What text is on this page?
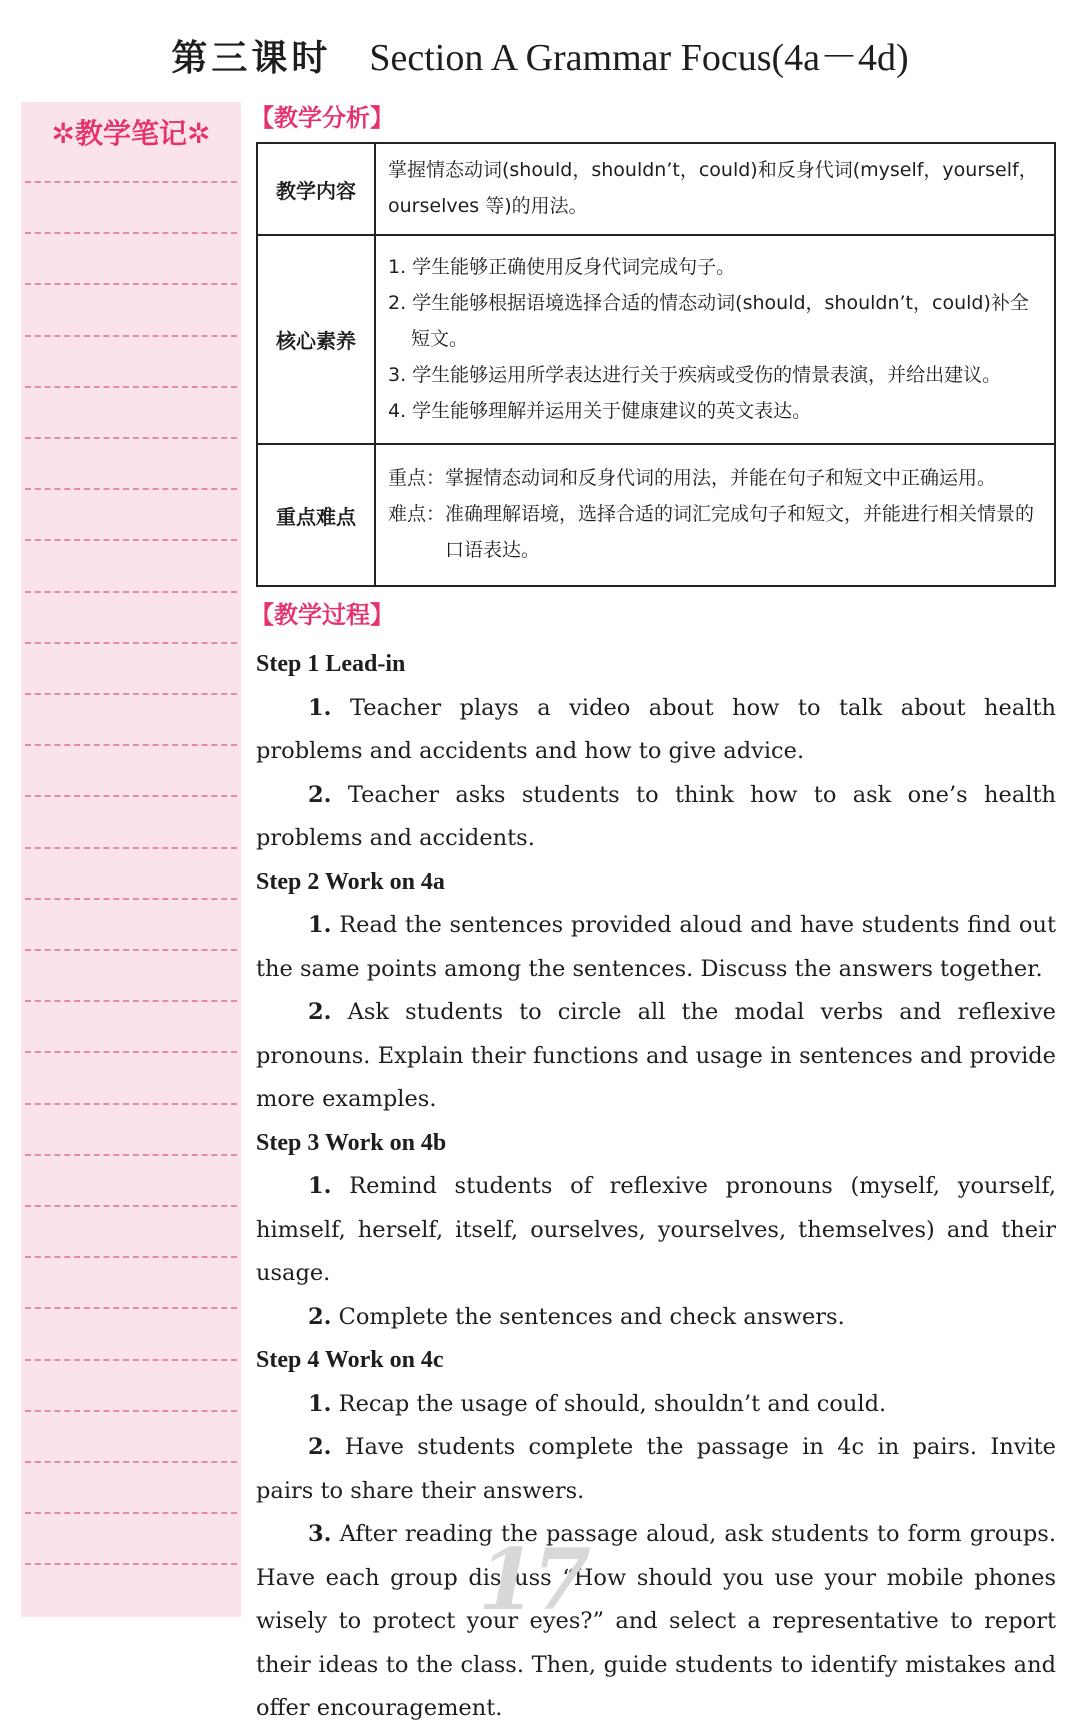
第三课时 Section A Grammar Focus(4a－4d)
✲教学笔记✲	【教学分析】
教学内容	掌握情态动词(should，shouldn’t，could)和反身代词(myself，yourself，ourselves 等)的用法。

核心素养	1. 学生能够正确使用反身代词完成句子。
2. 学生能够根据语境选择合适的情态动词(should，shouldn’t，could)补全短文。
3. 学生能够运用所学表达进行关于疾病或受伤的情景表演，并给出建议。
4. 学生能够理解并运用关于健康建议的英文表达。

重点难点	重点：掌握情态动词和反身代词的用法，并能在句子和短文中正确运用。
难点：准确理解语境，选择合适的词汇完成句子和短文，并能进行相关情景的口语表达。
【教学过程】
Step 1 Lead-in
1. Teacher plays a video about how to talk about health problems and accidents and how to give advice.
2. Teacher asks students to think how to ask one’s health problems and accidents.
Step 2 Work on 4a
1. Read the sentences provided aloud and have students find out the same points among the sentences. Discuss the answers together.
2. Ask students to circle all the modal verbs and reflexive pronouns. Explain their functions and usage in sentences and provide more examples.
Step 3 Work on 4b
1. Remind students of reflexive pronouns (myself, yourself, himself, herself, itself, ourselves, yourselves, themselves) and their usage.
2. Complete the sentences and check answers.
Step 4 Work on 4c
1. Recap the usage of should, shouldn’t and could.
2. Have students complete the passage in 4c in pairs. Invite pairs to share their answers.
3. After reading the passage aloud, ask students to form groups. Have each group discuss “How should you use your mobile phones wisely to protect your eyes?” and select a representative to report their ideas to the class. Then, guide students to identify mistakes and offer encouragement.
17
